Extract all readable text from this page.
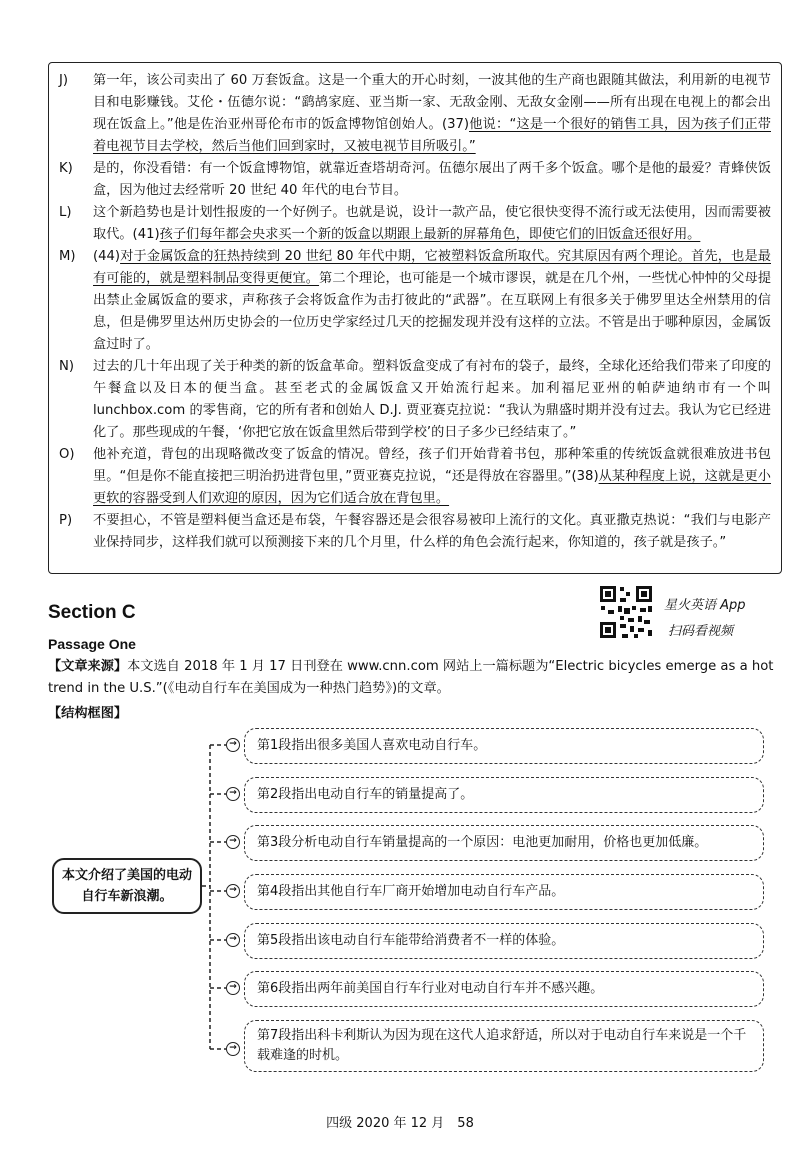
J)	第一年，该公司卖出了 60 万套饭盒。这是一个重大的开心时刻，一波其他的生产商也跟随其做法，利用新的电视节目和电影赚钱。艾伦・伍德尔说：“鹞鸪家庭、亚当斯一家、无敌金刚、无敌女金刚——所有出现在电视上的都会出现在饭盒上。”他是佐治亚州哥伦布市的饭盒博物馆创始人。(37)他说：“这是一个很好的销售工具，因为孩子们正带着电视节目去学校，然后当他们回到家时，又被电视节目所吸引。”
K)	是的，你没看错：有一个饭盒博物馆，就靠近查塔胡奇河。伍德尔展出了两千多个饭盒。哪个是他的最爱？青蜂侠饭盒，因为他过去经常听 20 世纪 40 年代的电台节目。
L)	这个新趋势也是计划性报废的一个好例子。也就是说，设计一款产品，使它很快变得不流行或无法使用，因而需要被取代。(41)孩子们每年都会央求买一个新的饭盒以期跟上最新的屏幕角色，即使它们的旧饭盒还很好用。
M)	(44)对于金属饭盒的狂热持续到 20 世纪 80 年代中期，它被塑料饭盒所取代。究其原因有两个理论。首先，也是最有可能的，就是塑料制品变得更便宜。第二个理论，也可能是一个城市谬误，就是在几个州，一些忧心忡忡的父母提出禁止金属饭盒的要求，声称孩子会将饭盒作为击打彼此的“武器”。在互联网上有很多关于佛罗里达全州禁用的信息，但是佛罗里达州历史协会的一位历史学家经过几天的挖掘发现并没有这样的立法。不管是出于哪种原因，金属饭盒过时了。
N)	过去的几十年出现了关于种类的新的饭盒革命。塑料饭盒变成了有衬布的袋子，最终，全球化还给我们带来了印度的午餐盒以及日本的便当盒。甚至老式的金属饭盒又开始流行起来。加利福尼亚州的帕萨迪纳市有一个叫 lunchbox.com 的零售商，它的所有者和创始人 D.J. 贾亚赛克拉说：“我认为鼎盛时期并没有过去。我认为它已经进化了。那些现成的午餐，‘你把它放在饭盒里然后带到学校’的日子多少已经结束了。”
O)	他补充道，背包的出现略微改变了饭盒的情况。曾经，孩子们开始背着书包，那种笨重的传统饭盒就很难放进书包里。“但是你不能直接把三明治扔进背包里，”贾亚赛克拉说，“还是得放在容器里。”(38)从某种程度上说，这就是更小更软的容器受到人们欢迎的原因，因为它们适合放在背包里。
P)	不要担心，不管是塑料便当盒还是布袋，午餐容器还是会很容易被印上流行的文化。真亚撒克热说：“我们与电影产业保持同步，这样我们就可以预测接下来的几个月里，什么样的角色会流行起来，你知道的，孩子就是孩子。”
Section C
Passage One
星火英语 App
扫码看视频
【文章来源】本文选自 2018 年 1 月 17 日刊登在 www.cnn.com 网站上一篇标题为“Electric bicycles emerge as a hot trend in the U.S.”(《电动自行车在美国成为一种热门趋势》)的文章。
【结构框图】
本文介绍了美国的电动自行车新浪潮。
→
→
→
→
→
→
→
第1段指出很多美国人喜欢电动自行车。
第2段指出电动自行车的销量提高了。
第3段分析电动自行车销量提高的一个原因：电池更加耐用，价格也更加低廉。
第4段指出其他自行车厂商开始增加电动自行车产品。
第5段指出该电动自行车能带给消费者不一样的体验。
第6段指出两年前美国自行车行业对电动自行车并不感兴趣。
第7段指出科卡利斯认为因为现在这代人追求舒适，所以对于电动自行车来说是一个千载难逢的时机。
四级 2020 年 12 月　58
